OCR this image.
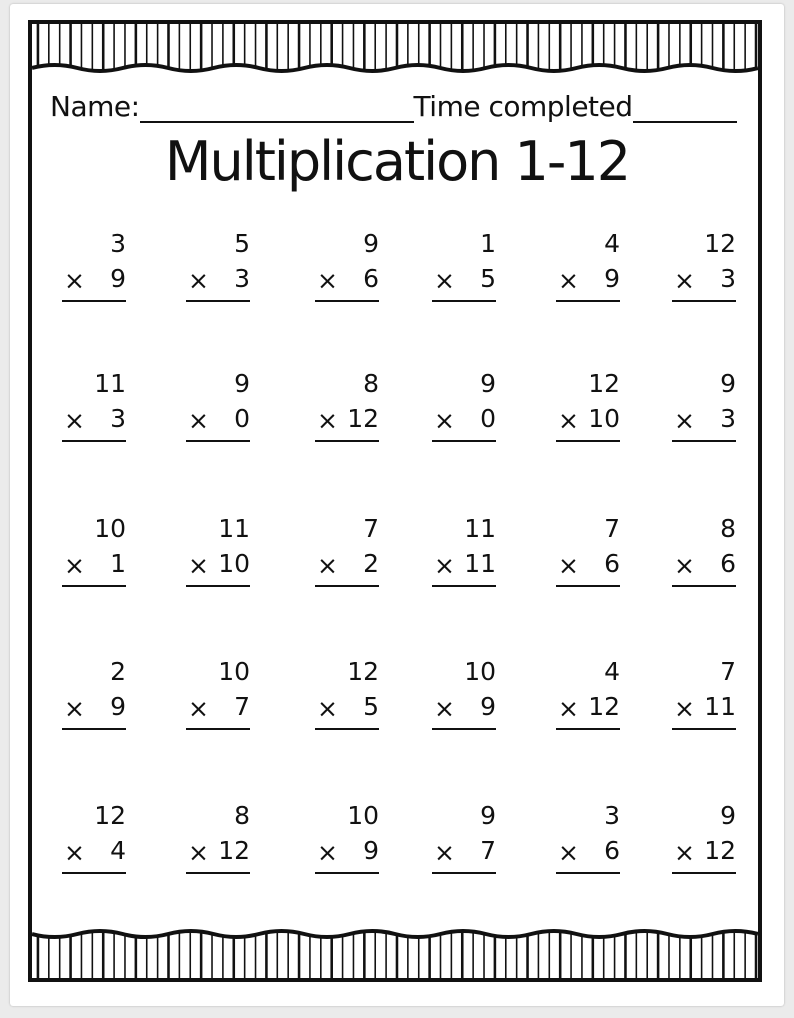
Name:	Time completed
Multiplication 1-12
3
× 9
5
× 3
9
× 6
1
× 5
4
× 9
12
× 3
11
× 3
9
× 0
8
× 12
9
× 0
12
× 10
9
× 3
10
× 1
11
× 10
7
× 2
11
× 11
7
× 6
8
× 6
2
× 9
10
× 7
12
× 5
10
× 9
4
× 12
7
× 11
12
× 4
8
× 12
10
× 9
9
× 7
3
× 6
9
× 12
